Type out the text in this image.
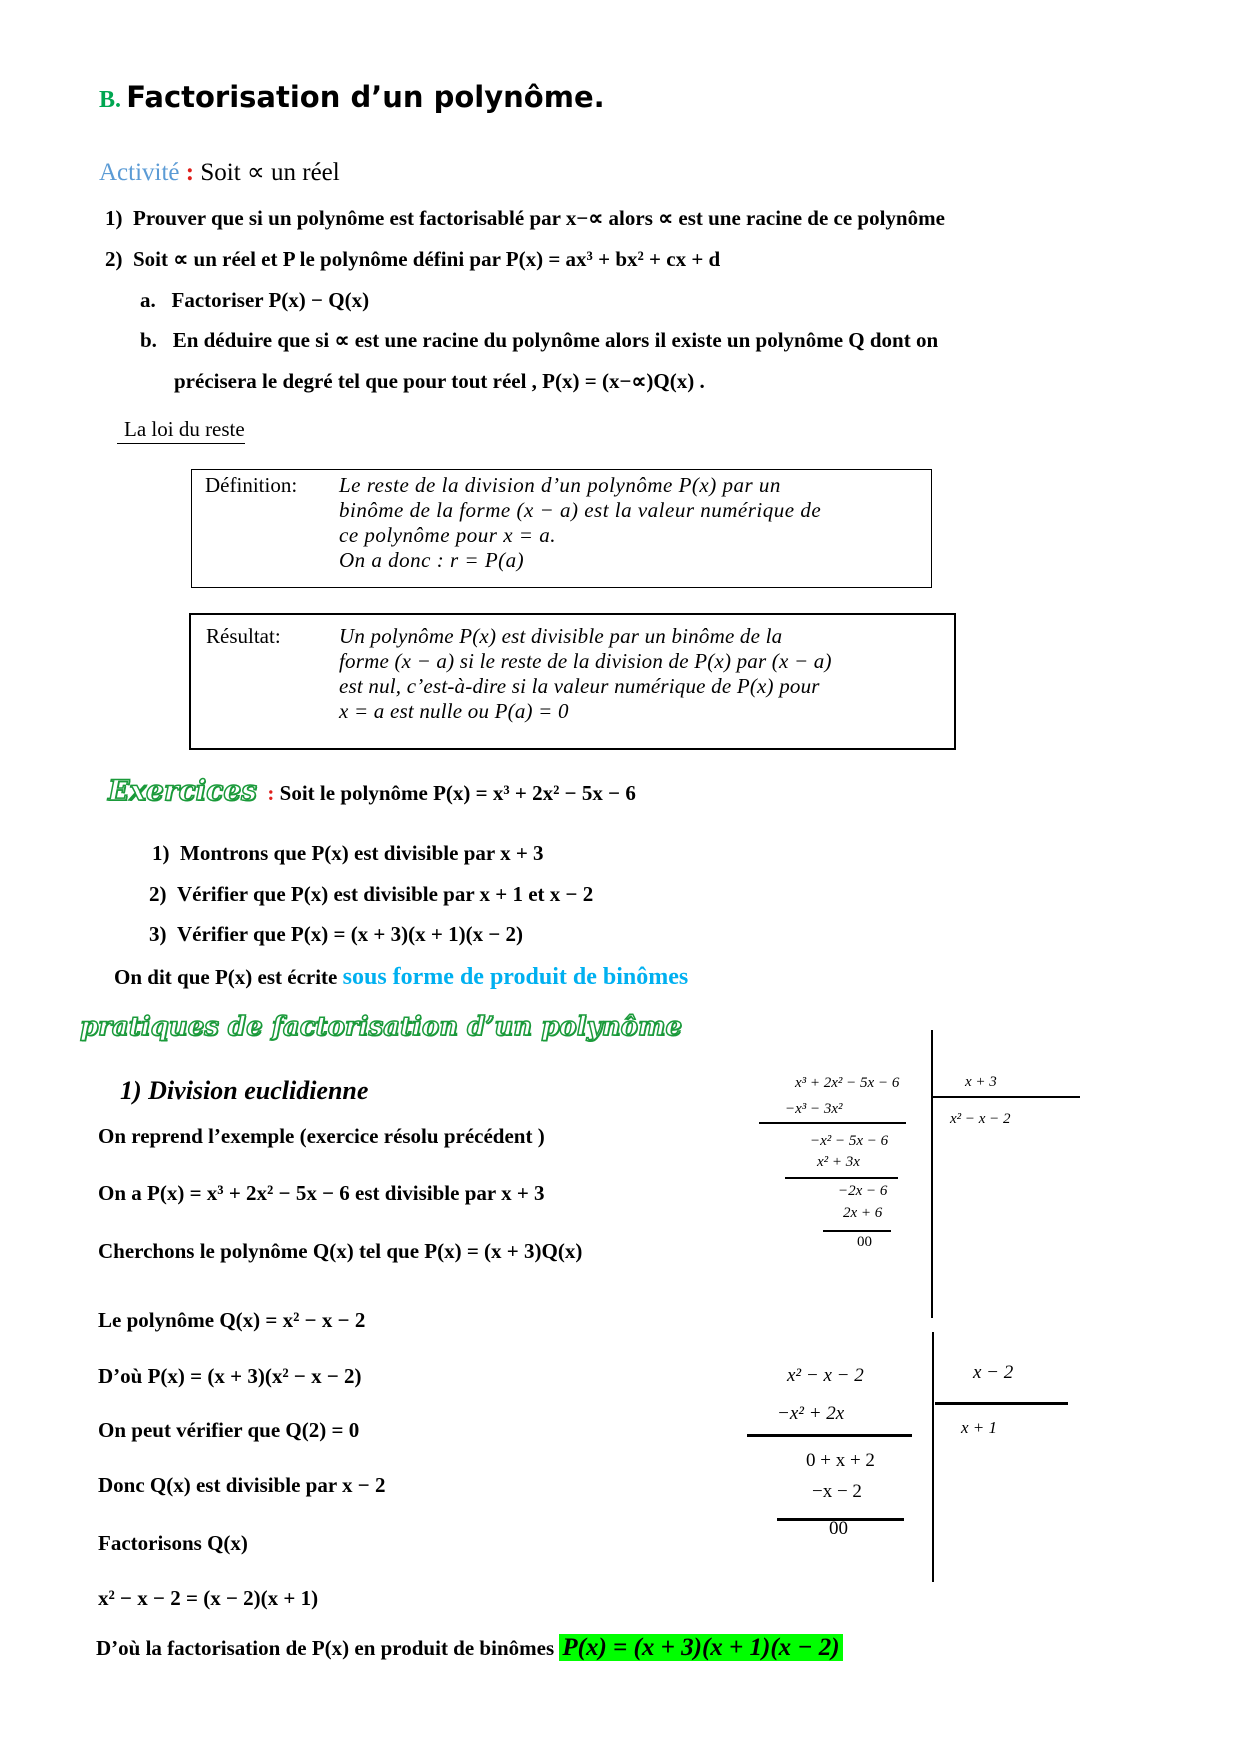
B. Factorisation d’un polynôme.
Activité : Soit ∝ un réel
1) Prouver que si un polynôme est factorisablé par x−∝ alors ∝ est une racine de ce polynôme
2) Soit ∝ un réel et P le polynôme défini par P(x) = ax³ + bx² + cx + d
a. Factoriser P(x) − Q(x)
b. En déduire que si ∝ est une racine du polynôme alors il existe un polynôme Q dont on
précisera le degré tel que pour tout réel , P(x) = (x−∝)Q(x) .
La loi du reste
Définition: Le reste de la division d’un polynôme P(x) par un
binôme de la forme (x − a) est la valeur numérique de
ce polynôme pour x = a.
On a donc : r = P(a)
Résultat:	Un polynôme P(x) est divisible par un binôme de la
forme (x − a) si le reste de la division de P(x) par (x − a)
est nul, c’est-à-dire si la valeur numérique de P(x) pour
x = a est nulle ou P(a) = 0
Exercices : Soit le polynôme P(x) = x³ + 2x² − 5x − 6
1) Montrons que P(x) est divisible par x + 3
2) Vérifier que P(x) est divisible par x + 1 et x − 2
3) Vérifier que P(x) = (x + 3)(x + 1)(x − 2)
On dit que P(x) est écrite sous forme de produit de binômes
pratiques de factorisation d’un polynôme
1) Division euclidienne
On reprend l’exemple (exercice résolu précédent )
On a P(x) = x³ + 2x² − 5x − 6 est divisible par x + 3
Cherchons le polynôme Q(x) tel que P(x) = (x + 3)Q(x)
Le polynôme Q(x) = x² − x − 2
D’où P(x) = (x + 3)(x² − x − 2)
On peut vérifier que Q(2) = 0
Donc Q(x) est divisible par x − 2
Factorisons Q(x)
x² − x − 2 = (x − 2)(x + 1)
D’où la factorisation de P(x) en produit de binômes P(x) = (x + 3)(x + 1)(x − 2)
x³ + 2x² − 5x − 6	x + 3
x² − x − 2
−x³ − 3x²
−x² − 5x − 6
x² + 3x
−2x − 6
2x + 6
00
x² − x − 2	x − 2
x + 1
−x² + 2x
0 + x + 2
−x − 2
00
